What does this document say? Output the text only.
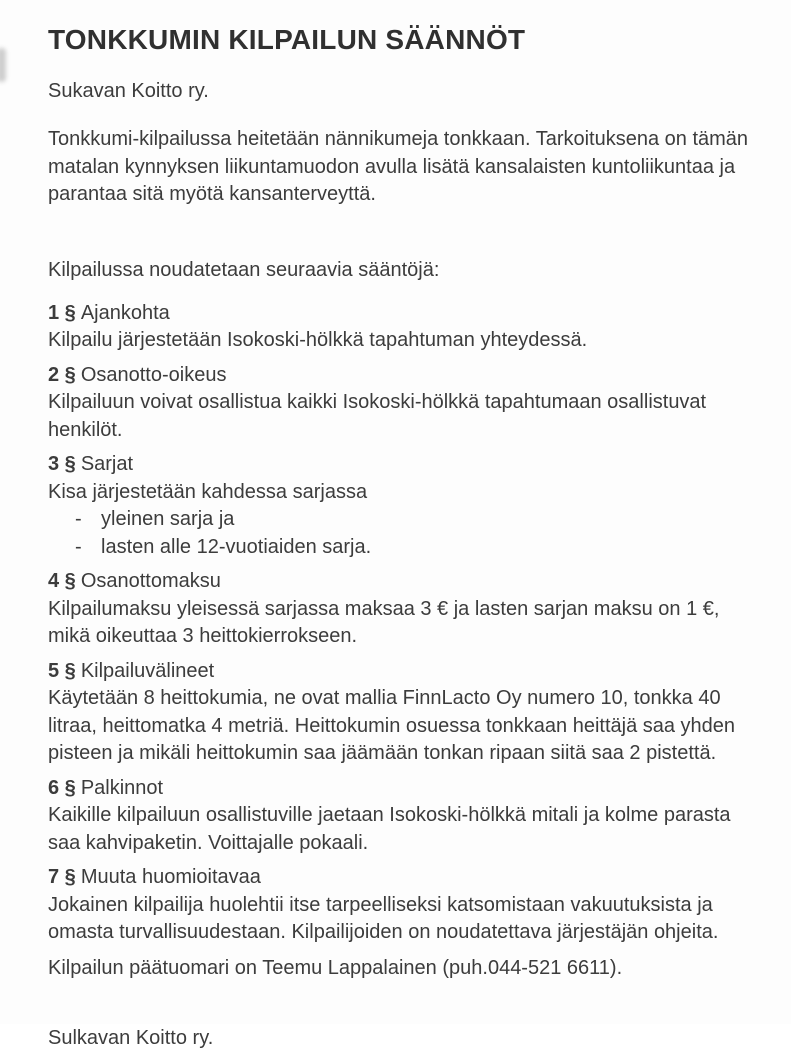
TONKKUMIN KILPAILUN SÄÄNNÖT

Sukavan Koitto ry.

Tonkkumi-kilpailussa heitetään nännikumeja tonkkaan. Tarkoituksena on tämän matalan kynnyksen liikuntamuodon avulla lisätä kansalaisten kuntoliikuntaa ja parantaa sitä myötä kansanterveyttä.

Kilpailussa noudatetaan seuraavia sääntöjä:

1 § Ajankohta

Kilpailu järjestetään Isokoski-hölkkä tapahtuman yhteydessä.

2 § Osanotto-oikeus

Kilpailuun voivat osallistua kaikki Isokoski-hölkkä tapahtumaan osallistuvat henkilöt.

3 § Sarjat

Kisa järjestetään kahdessa sarjassa

- yleinen sarja ja
- lasten alle 12-vuotiaiden sarja.

4 § Osanottomaksu

Kilpailumaksu yleisessä sarjassa maksaa 3 € ja lasten sarjan maksu on 1 €, mikä oikeuttaa 3 heittokierrokseen.

5 § Kilpailuvälineet

Käytetään 8 heittokumia, ne ovat mallia FinnLacto Oy numero 10, tonkka 40 litraa, heittomatka 4 metriä. Heittokumin osuessa tonkkaan heittäjä saa yhden pisteen ja mikäli heittokumin saa jäämään tonkan ripaan siitä saa 2 pistettä.

6 § Palkinnot

Kaikille kilpailuun osallistuville jaetaan Isokoski-hölkkä mitali ja kolme parasta saa kahvipaketin. Voittajalle pokaali.

7 § Muuta huomioitavaa

Jokainen kilpailija huolehtii itse tarpeelliseksi katsomistaan vakuutuksista ja omasta turvallisuudestaan. Kilpailijoiden on noudatettava järjestäjän ohjeita.

Kilpailun päätuomari on Teemu Lappalainen (puh.044-521 6611).

Sulkavan Koitto ry.
